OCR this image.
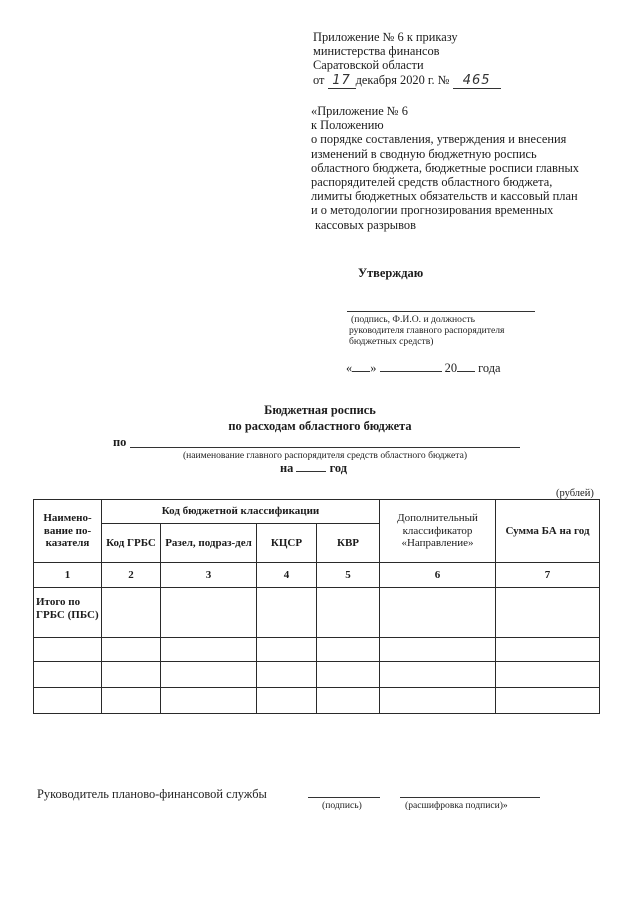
Приложение № 6 к приказу
министерства финансов
Саратовской области
от 17 декабря 2020 г. № 465
«Приложение № 6
к Положению
о порядке составления, утверждения и внесения
изменений в сводную бюджетную роспись
областного бюджета, бюджетные росписи главных
распорядителей средств областного бюджета,
лимиты бюджетных обязательств и кассовый план
и о методологии прогнозирования временных
кассовых разрывов
Утверждаю
(подпись, Ф.И.О. и должность
руководителя главного распорядителя
бюджетных средств)
« »	20 года
Бюджетная роспись
по расходам областного бюджета
по
(наименование главного распорядителя средств областного бюджета)
на	год
(рублей)
Наимено-вание по-казателя	Код бюджетной классификации				Дополнительный классификатор «Направление»	Сумма БА на год
	Код ГРБС	Разел, подраз-дел	КЦСР	КВР		
1	2	3	4	5	6	7
Итого по ГРБС (ПБС)						

Руководитель планово-финансовой службы
(подпись)	(расшифровка подписи)»
